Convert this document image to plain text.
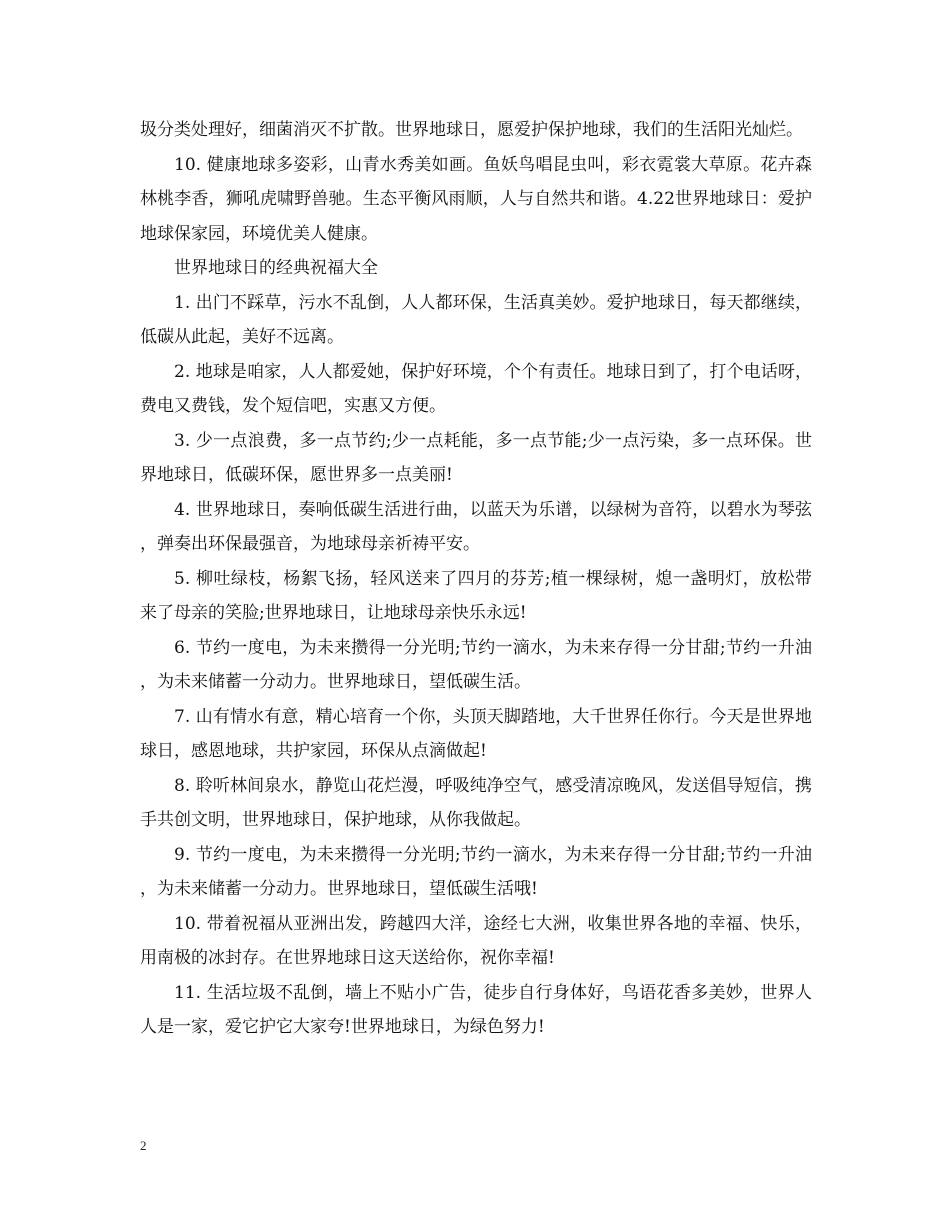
圾分类处理好，细菌消灭不扩散。世界地球日，愿爱护保护地球，我们的生活阳光灿烂。

10. 健康地球多姿彩，山青水秀美如画。鱼妖鸟唱昆虫叫，彩衣霓裳大草原。花卉森林桃李香，狮吼虎啸野兽驰。生态平衡风雨顺，人与自然共和谐。4.22世界地球日：爱护地球保家园，环境优美人健康。

世界地球日的经典祝福大全

1. 出门不踩草，污水不乱倒，人人都环保，生活真美妙。爱护地球日，每天都继续，低碳从此起，美好不远离。

2. 地球是咱家，人人都爱她，保护好环境，个个有责任。地球日到了，打个电话呀，费电又费钱，发个短信吧，实惠又方便。

3. 少一点浪费，多一点节约;少一点耗能，多一点节能;少一点污染，多一点环保。世界地球日，低碳环保，愿世界多一点美丽!

4. 世界地球日，奏响低碳生活进行曲，以蓝天为乐谱，以绿树为音符，以碧水为琴弦，弹奏出环保最强音，为地球母亲祈祷平安。

5. 柳吐绿枝，杨絮飞扬，轻风送来了四月的芬芳;植一棵绿树，熄一盏明灯，放松带来了母亲的笑脸;世界地球日，让地球母亲快乐永远!

6. 节约一度电，为未来攒得一分光明;节约一滴水，为未来存得一分甘甜;节约一升油，为未来储蓄一分动力。世界地球日，望低碳生活。

7. 山有情水有意，精心培育一个你，头顶天脚踏地，大千世界任你行。今天是世界地球日，感恩地球，共护家园，环保从点滴做起!

8. 聆听林间泉水，静览山花烂漫，呼吸纯净空气，感受清凉晚风，发送倡导短信，携手共创文明，世界地球日，保护地球，从你我做起。

9. 节约一度电，为未来攒得一分光明;节约一滴水，为未来存得一分甘甜;节约一升油，为未来储蓄一分动力。世界地球日，望低碳生活哦!

10. 带着祝福从亚洲出发，跨越四大洋，途经七大洲，收集世界各地的幸福、快乐，用南极的冰封存。在世界地球日这天送给你，祝你幸福!

11. 生活垃圾不乱倒，墙上不贴小广告，徒步自行身体好，鸟语花香多美妙，世界人人是一家，爱它护它大家夸!世界地球日，为绿色努力!

2
